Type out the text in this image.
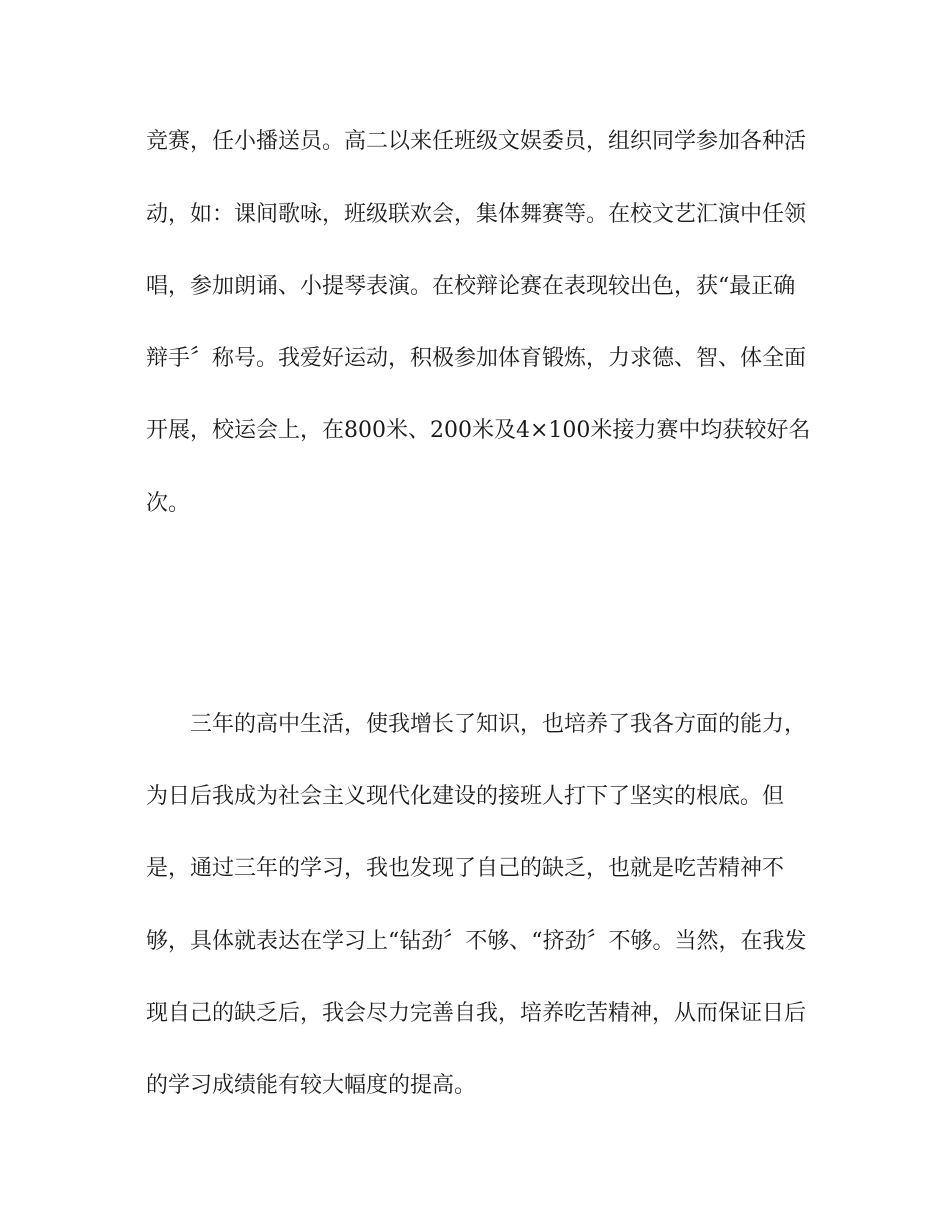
竞赛，任小播送员。高二以来任班级文娱委员，组织同学参加各种活

动，如：课间歌咏，班级联欢会，集体舞赛等。在校文艺汇演中任领

唱，参加朗诵、小提琴表演。在校辩论赛在表现较出色，获“最正确

辩手〞称号。我爱好运动，积极参加体育锻炼，力求德、智、体全面

开展，校运会上，在800米、200米及4×100米接力赛中均获较好名

次。

三年的高中生活，使我增长了知识，也培养了我各方面的能力，

为日后我成为社会主义现代化建设的接班人打下了坚实的根底。但

是，通过三年的学习，我也发现了自己的缺乏，也就是吃苦精神不

够，具体就表达在学习上“钻劲〞不够、“挤劲〞不够。当然，在我发

现自己的缺乏后，我会尽力完善自我，培养吃苦精神，从而保证日后

的学习成绩能有较大幅度的提高。
